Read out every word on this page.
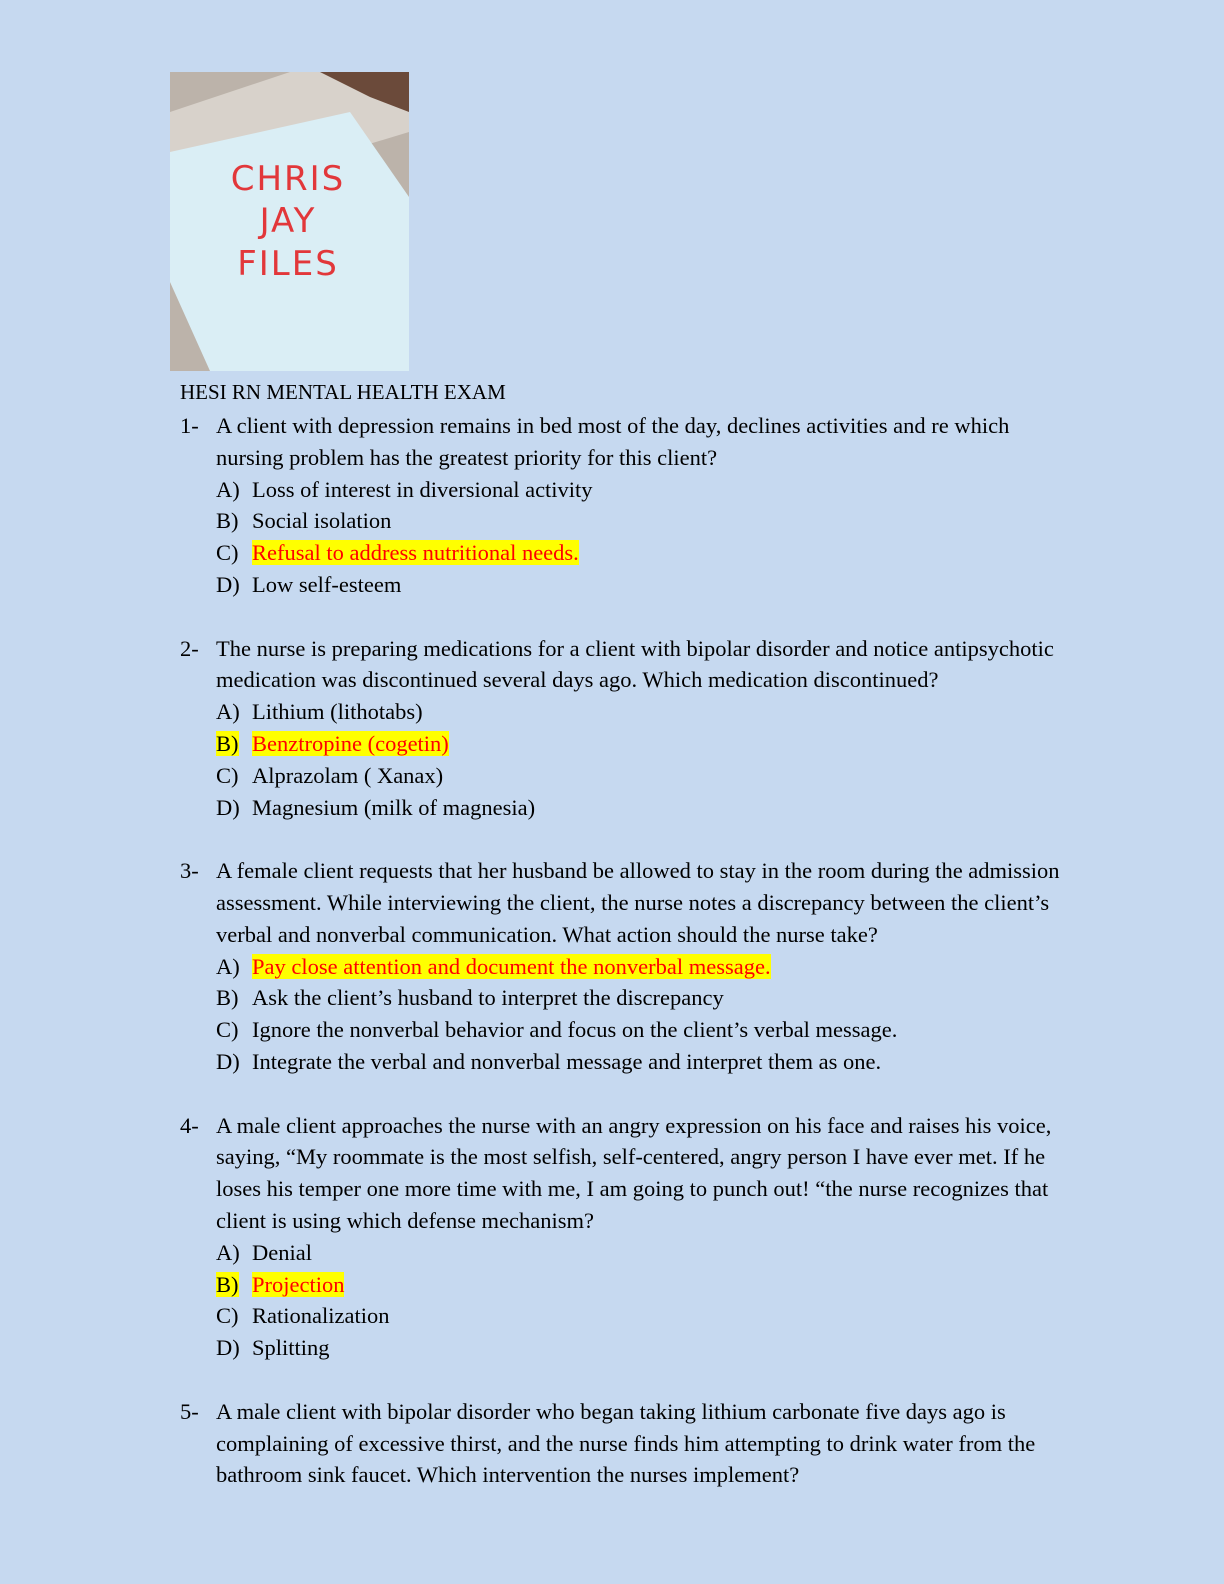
CHRIS
JAY
FILES
HESI RN MENTAL HEALTH EXAM
1- A client with depression remains in bed most of the day, declines activities and re which nursing problem has the greatest priority for this client?
A) Loss of interest in diversional activity
B) Social isolation
C) Refusal to address nutritional needs.
D) Low self-esteem
2- The nurse is preparing medications for a client with bipolar disorder and notice antipsychotic medication was discontinued several days ago. Which medication discontinued?
A) Lithium (lithotabs)
B) Benztropine (cogetin)
C) Alprazolam ( Xanax)
D) Magnesium (milk of magnesia)
3- A female client requests that her husband be allowed to stay in the room during the admission assessment. While interviewing the client, the nurse notes a discrepancy between the client’s verbal and nonverbal communication. What action should the nurse take?
A) Pay close attention and document the nonverbal message.
B) Ask the client’s husband to interpret the discrepancy
C) Ignore the nonverbal behavior and focus on the client’s verbal message.
D) Integrate the verbal and nonverbal message and interpret them as one.
4- A male client approaches the nurse with an angry expression on his face and raises his voice, saying, “My roommate is the most selfish, self-centered, angry person I have ever met. If he loses his temper one more time with me, I am going to punch out! “the nurse recognizes that client is using which defense mechanism?
A) Denial
B) Projection
C) Rationalization
D) Splitting
5- A male client with bipolar disorder who began taking lithium carbonate five days ago is complaining of excessive thirst, and the nurse finds him attempting to drink water from the bathroom sink faucet. Which intervention the nurses implement?
